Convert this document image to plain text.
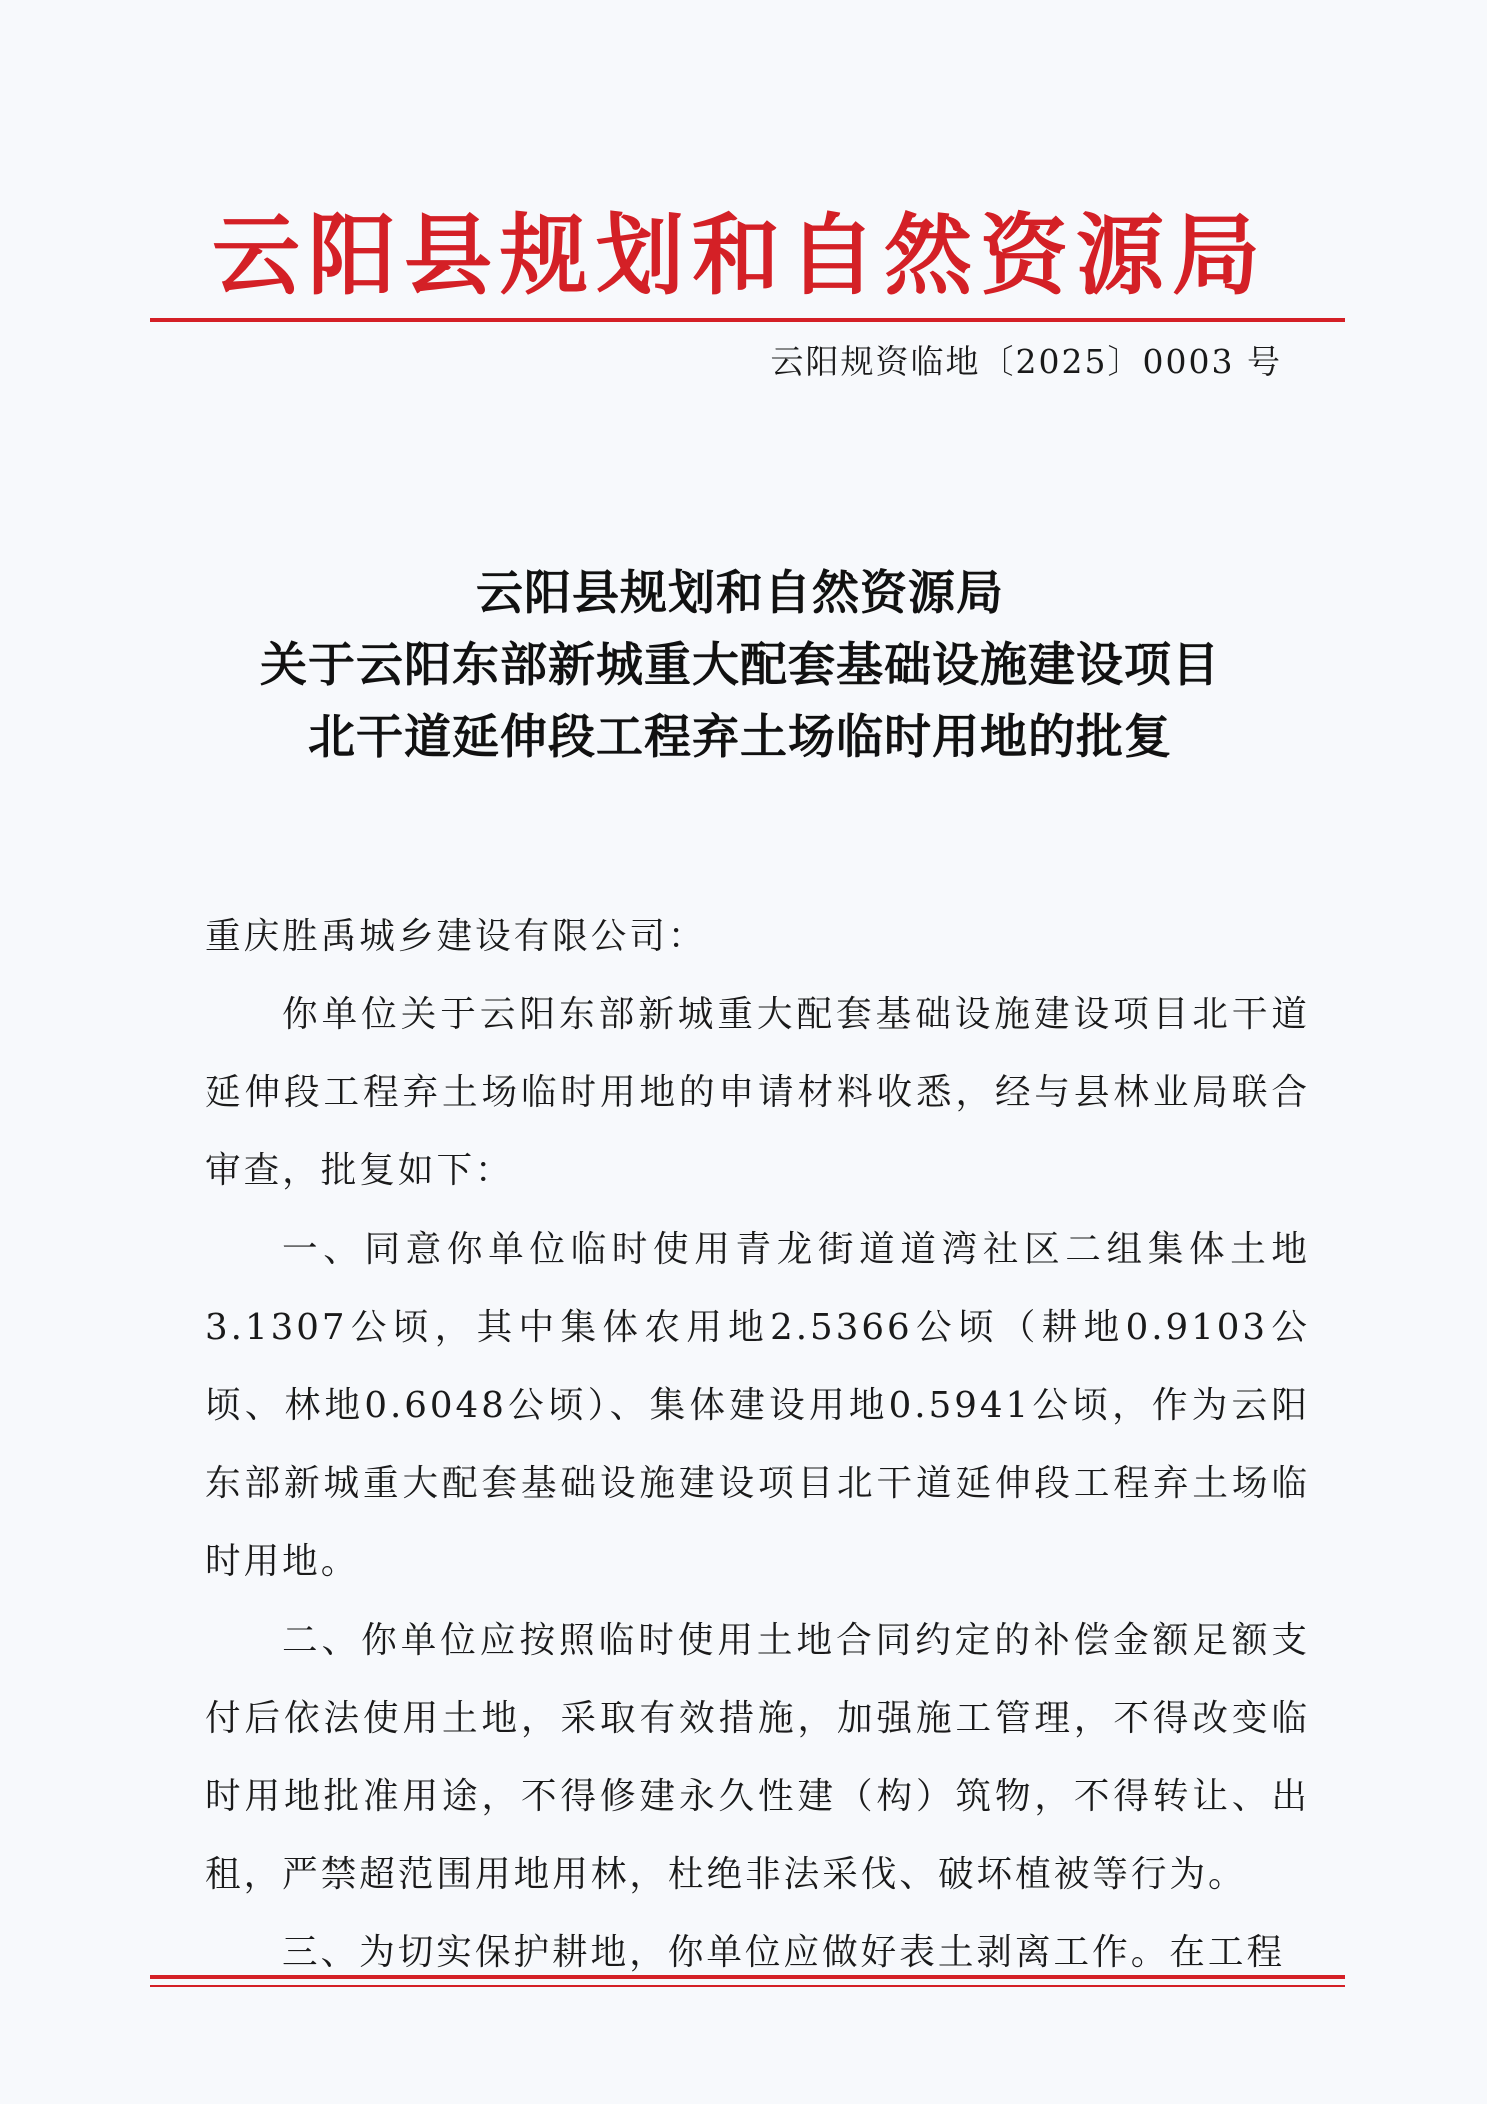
云阳县规划和自然资源局
云阳规资临地〔2025〕0003 号
云阳县规划和自然资源局
关于云阳东部新城重大配套基础设施建设项目
北干道延伸段工程弃土场临时用地的批复

重庆胜禹城乡建设有限公司：

你单位关于云阳东部新城重大配套基础设施建设项目北干道延伸段工程弃土场临时用地的申请材料收悉，经与县林业局联合审查，批复如下：

一、同意你单位临时使用青龙街道道湾社区二组集体土地3.1307公顷，其中集体农用地2.5366公顷（耕地0.9103公顷、林地0.6048公顷）、集体建设用地0.5941公顷，作为云阳东部新城重大配套基础设施建设项目北干道延伸段工程弃土场临时用地。

二、你单位应按照临时使用土地合同约定的补偿金额足额支付后依法使用土地，采取有效措施，加强施工管理，不得改变临时用地批准用途，不得修建永久性建（构）筑物，不得转让、出租，严禁超范围用地用林，杜绝非法采伐、破坏植被等行为。

三、为切实保护耕地，你单位应做好表土剥离工作。在工程
